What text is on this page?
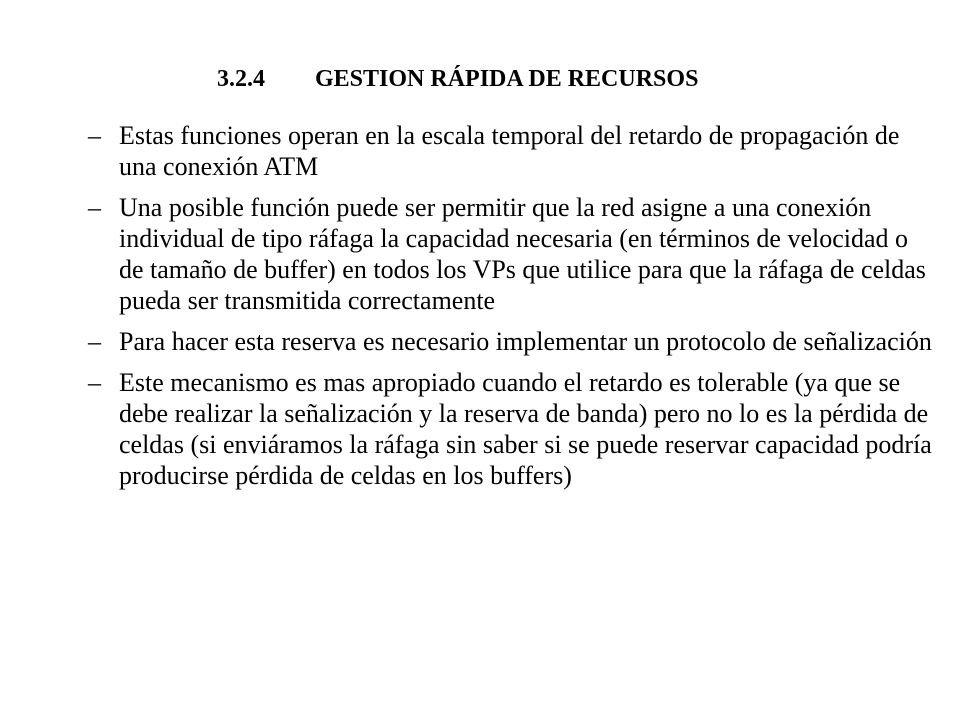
3.2.4 GESTION RÁPIDA DE RECURSOS
– Estas funciones operan en la escala temporal del retardo de propagación de una conexión ATM
– Una posible función puede ser permitir que la red asigne a una conexión individual de tipo ráfaga la capacidad necesaria (en términos de velocidad o de tamaño de buffer) en todos los VPs que utilice para que la ráfaga de celdas pueda ser transmitida correctamente
– Para hacer esta reserva es necesario implementar un protocolo de señalización
– Este mecanismo es mas apropiado cuando el retardo es tolerable (ya que se debe realizar la señalización y la reserva de banda) pero no lo es la pérdida de celdas (si enviáramos la ráfaga sin saber si se puede reservar capacidad podría producirse pérdida de celdas en los buffers)
